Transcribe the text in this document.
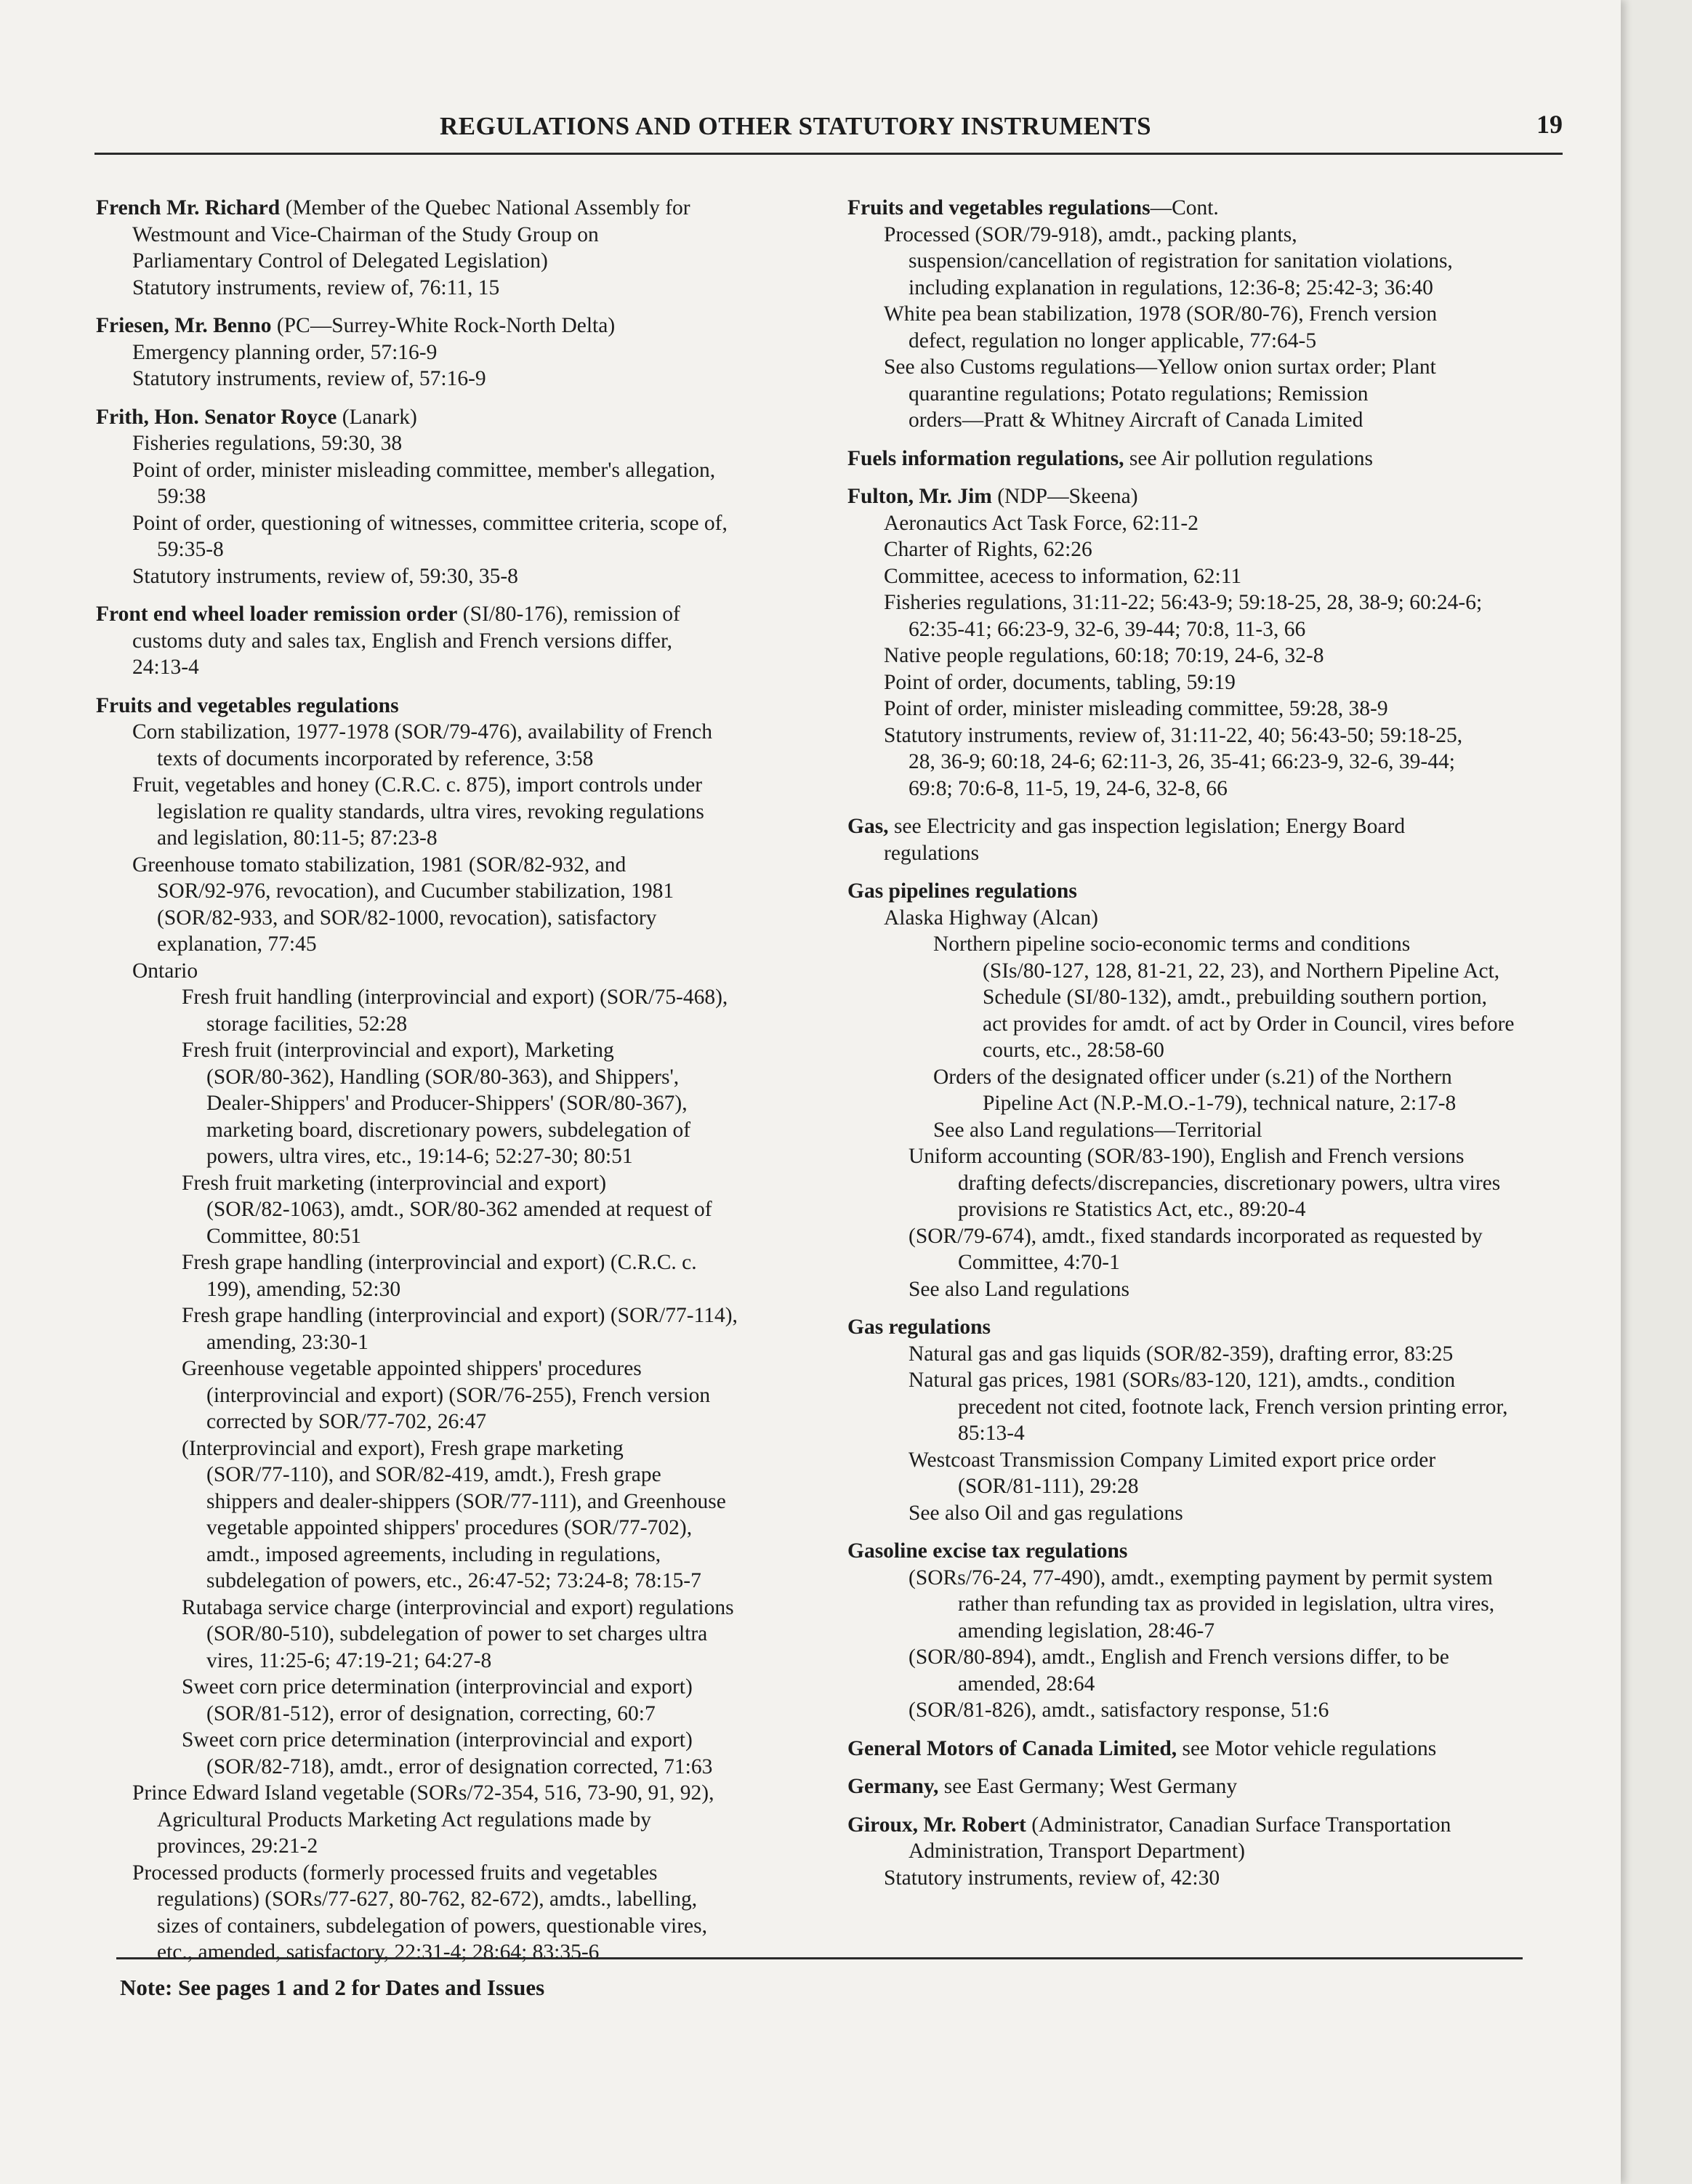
REGULATIONS AND OTHER STATUTORY INSTRUMENTS	19
French Mr. Richard (Member of the Quebec National Assembly for
Westmount and Vice-Chairman of the Study Group on
Parliamentary Control of Delegated Legislation)
Statutory instruments, review of, 76:11, 15
Friesen, Mr. Benno (PC—Surrey-White Rock-North Delta)
Emergency planning order, 57:16-9
Statutory instruments, review of, 57:16-9
Frith, Hon. Senator Royce (Lanark)
Fisheries regulations, 59:30, 38
Point of order, minister misleading committee, member's allegation,
59:38
Point of order, questioning of witnesses, committee criteria, scope of,
59:35-8
Statutory instruments, review of, 59:30, 35-8
Front end wheel loader remission order (SI/80-176), remission of
customs duty and sales tax, English and French versions differ,
24:13-4
Fruits and vegetables regulations
Corn stabilization, 1977-1978 (SOR/79-476), availability of French
texts of documents incorporated by reference, 3:58
Fruit, vegetables and honey (C.R.C. c. 875), import controls under
legislation re quality standards, ultra vires, revoking regulations
and legislation, 80:11-5; 87:23-8
Greenhouse tomato stabilization, 1981 (SOR/82-932, and
SOR/92-976, revocation), and Cucumber stabilization, 1981
(SOR/82-933, and SOR/82-1000, revocation), satisfactory
explanation, 77:45
Ontario
Fresh fruit handling (interprovincial and export) (SOR/75-468),
storage facilities, 52:28
Fresh fruit (interprovincial and export), Marketing
(SOR/80-362), Handling (SOR/80-363), and Shippers',
Dealer-Shippers' and Producer-Shippers' (SOR/80-367),
marketing board, discretionary powers, subdelegation of
powers, ultra vires, etc., 19:14-6; 52:27-30; 80:51
Fresh fruit marketing (interprovincial and export)
(SOR/82-1063), amdt., SOR/80-362 amended at request of
Committee, 80:51
Fresh grape handling (interprovincial and export) (C.R.C. c.
199), amending, 52:30
Fresh grape handling (interprovincial and export) (SOR/77-114),
amending, 23:30-1
Greenhouse vegetable appointed shippers' procedures
(interprovincial and export) (SOR/76-255), French version
corrected by SOR/77-702, 26:47
(Interprovincial and export), Fresh grape marketing
(SOR/77-110), and SOR/82-419, amdt.), Fresh grape
shippers and dealer-shippers (SOR/77-111), and Greenhouse
vegetable appointed shippers' procedures (SOR/77-702),
amdt., imposed agreements, including in regulations,
subdelegation of powers, etc., 26:47-52; 73:24-8; 78:15-7
Rutabaga service charge (interprovincial and export) regulations
(SOR/80-510), subdelegation of power to set charges ultra
vires, 11:25-6; 47:19-21; 64:27-8
Sweet corn price determination (interprovincial and export)
(SOR/81-512), error of designation, correcting, 60:7
Sweet corn price determination (interprovincial and export)
(SOR/82-718), amdt., error of designation corrected, 71:63
Prince Edward Island vegetable (SORs/72-354, 516, 73-90, 91, 92),
Agricultural Products Marketing Act regulations made by
provinces, 29:21-2
Processed products (formerly processed fruits and vegetables
regulations) (SORs/77-627, 80-762, 82-672), amdts., labelling,
sizes of containers, subdelegation of powers, questionable vires,
etc., amended, satisfactory, 22:31-4; 28:64; 83:35-6
Fruits and vegetables regulations—Cont.
Processed (SOR/79-918), amdt., packing plants,
suspension/cancellation of registration for sanitation violations,
including explanation in regulations, 12:36-8; 25:42-3; 36:40
White pea bean stabilization, 1978 (SOR/80-76), French version
defect, regulation no longer applicable, 77:64-5
See also Customs regulations—Yellow onion surtax order; Plant
quarantine regulations; Potato regulations; Remission
orders—Pratt & Whitney Aircraft of Canada Limited
Fuels information regulations, see Air pollution regulations
Fulton, Mr. Jim (NDP—Skeena)
Aeronautics Act Task Force, 62:11-2
Charter of Rights, 62:26
Committee, acecess to information, 62:11
Fisheries regulations, 31:11-22; 56:43-9; 59:18-25, 28, 38-9; 60:24-6;
62:35-41; 66:23-9, 32-6, 39-44; 70:8, 11-3, 66
Native people regulations, 60:18; 70:19, 24-6, 32-8
Point of order, documents, tabling, 59:19
Point of order, minister misleading committee, 59:28, 38-9
Statutory instruments, review of, 31:11-22, 40; 56:43-50; 59:18-25,
28, 36-9; 60:18, 24-6; 62:11-3, 26, 35-41; 66:23-9, 32-6, 39-44;
69:8; 70:6-8, 11-5, 19, 24-6, 32-8, 66
Gas, see Electricity and gas inspection legislation; Energy Board
regulations
Gas pipelines regulations
Alaska Highway (Alcan)
Northern pipeline socio-economic terms and conditions
(SIs/80-127, 128, 81-21, 22, 23), and Northern Pipeline Act,
Schedule (SI/80-132), amdt., prebuilding southern portion,
act provides for amdt. of act by Order in Council, vires before
courts, etc., 28:58-60
Orders of the designated officer under (s.21) of the Northern
Pipeline Act (N.P.-M.O.-1-79), technical nature, 2:17-8
See also Land regulations—Territorial
Uniform accounting (SOR/83-190), English and French versions
drafting defects/discrepancies, discretionary powers, ultra vires
provisions re Statistics Act, etc., 89:20-4
(SOR/79-674), amdt., fixed standards incorporated as requested by
Committee, 4:70-1
See also Land regulations
Gas regulations
Natural gas and gas liquids (SOR/82-359), drafting error, 83:25
Natural gas prices, 1981 (SORs/83-120, 121), amdts., condition
precedent not cited, footnote lack, French version printing error,
85:13-4
Westcoast Transmission Company Limited export price order
(SOR/81-111), 29:28
See also Oil and gas regulations
Gasoline excise tax regulations
(SORs/76-24, 77-490), amdt., exempting payment by permit system
rather than refunding tax as provided in legislation, ultra vires,
amending legislation, 28:46-7
(SOR/80-894), amdt., English and French versions differ, to be
amended, 28:64
(SOR/81-826), amdt., satisfactory response, 51:6
General Motors of Canada Limited, see Motor vehicle regulations
Germany, see East Germany; West Germany
Giroux, Mr. Robert (Administrator, Canadian Surface Transportation
Administration, Transport Department)
Statutory instruments, review of, 42:30
Note: See pages 1 and 2 for Dates and Issues
